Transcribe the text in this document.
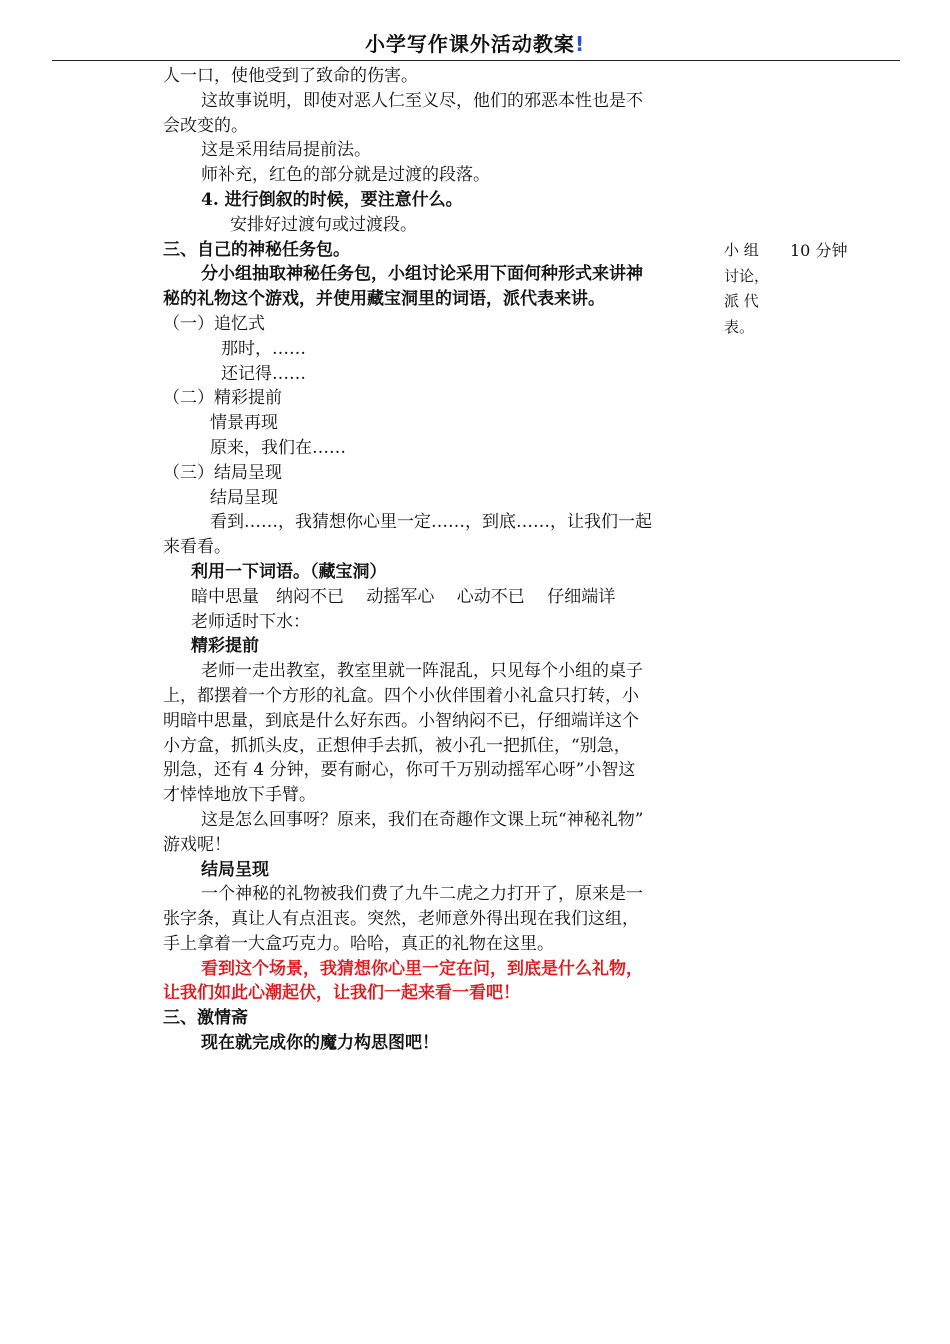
小学写作课外活动教案!
人一口，使他受到了致命的伤害。
这故事说明，即使对恶人仁至义尽，他们的邪恶本性也是不
会改变的。
这是采用结局提前法。
师补充，红色的部分就是过渡的段落。
4. 进行倒叙的时候，要注意什么。
安排好过渡句或过渡段。
三、自己的神秘任务包。
分小组抽取神秘任务包，小组讨论采用下面何种形式来讲神
秘的礼物这个游戏，并使用藏宝洞里的词语，派代表来讲。
（一）追忆式
那时，……
还记得……
（二）精彩提前
情景再现
原来，我们在……
（三）结局呈现
结局呈现
看到……，我猜想你心里一定……，到底……，让我们一起
来看看。
利用一下词语。（藏宝洞）
暗中思量　纳闷不已　 动摇军心 　心动不已 　仔细端详
老师适时下水：
精彩提前
老师一走出教室，教室里就一阵混乱，只见每个小组的桌子
上，都摆着一个方形的礼盒。四个小伙伴围着小礼盒只打转，小
明暗中思量，到底是什么好东西。小智纳闷不已，仔细端详这个
小方盒，抓抓头皮，正想伸手去抓，被小孔一把抓住，“别急，
别急，还有 4 分钟，要有耐心，你可千万别动摇军心呀”小智这
才悻悻地放下手臂。
这是怎么回事呀？原来，我们在奇趣作文课上玩“神秘礼物”
游戏呢！
结局呈现
一个神秘的礼物被我们费了九牛二虎之力打开了，原来是一
张字条，真让人有点沮丧。突然，老师意外得出现在我们这组，
手上拿着一大盒巧克力。哈哈，真正的礼物在这里。
看到这个场景，我猜想你心里一定在问，到底是什么礼物，
让我们如此心潮起伏，让我们一起来看一看吧！
三、激情斋
现在就完成你的魔力构思图吧！
小 组
讨论，
派 代
表。
10 分钟
